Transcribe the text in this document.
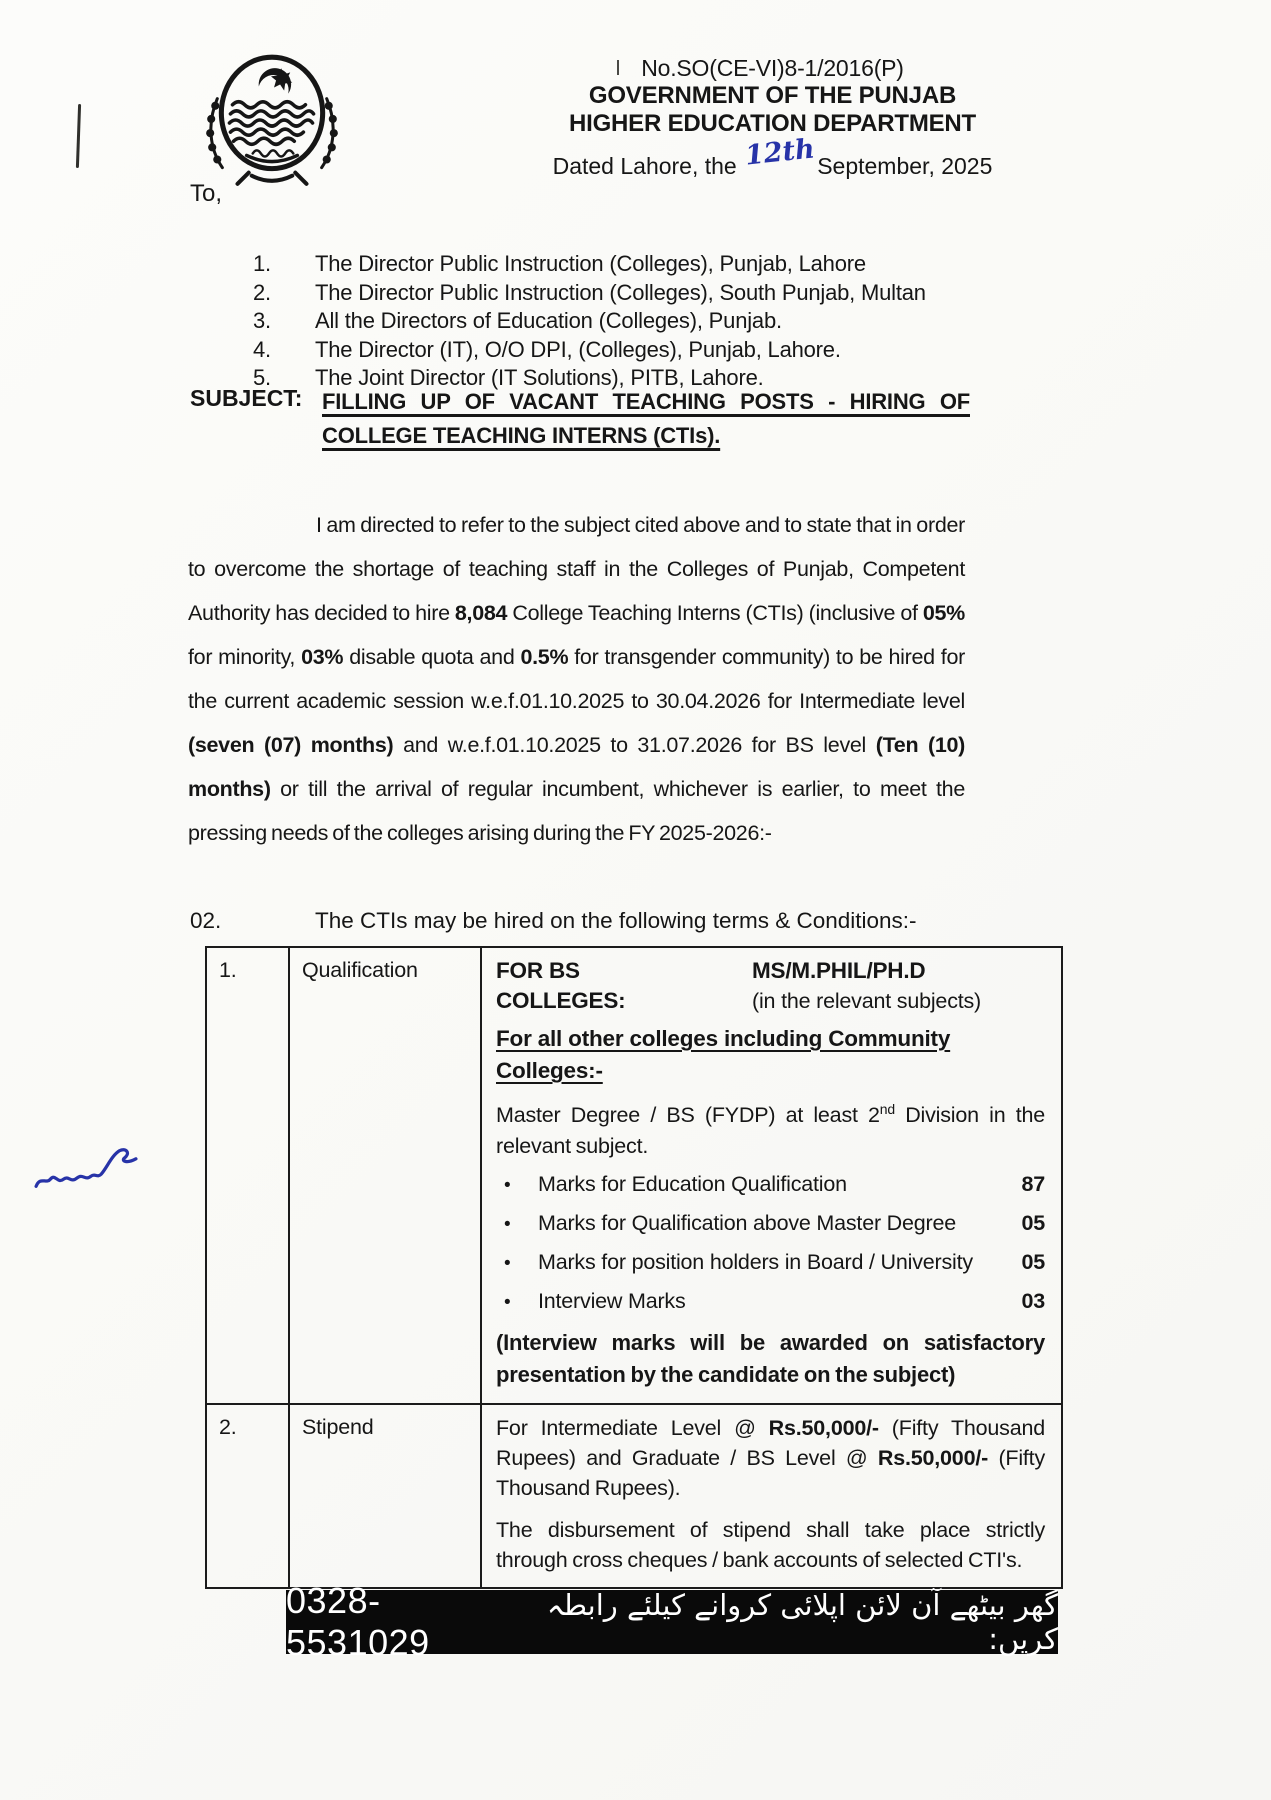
No.SO(CE-VI)8-1/2016(P)
GOVERNMENT OF THE PUNJAB
HIGHER EDUCATION DEPARTMENT
Dated Lahore, the 12th September, 2025
To,
1.	The Director Public Instruction (Colleges), Punjab, Lahore
2.	The Director Public Instruction (Colleges), South Punjab, Multan
3.	All the Directors of Education (Colleges), Punjab.
4.	The Director (IT), O/O DPI, (Colleges), Punjab, Lahore.
5.	The Joint Director (IT Solutions), PITB, Lahore.
SUBJECT: FILLING UP OF VACANT TEACHING POSTS - HIRING OF COLLEGE TEACHING INTERNS (CTIs).
I am directed to refer to the subject cited above and to state that in order to overcome the shortage of teaching staff in the Colleges of Punjab, Competent Authority has decided to hire 8,084 College Teaching Interns (CTIs) (inclusive of 05% for minority, 03% disable quota and 0.5% for transgender community) to be hired for the current academic session w.e.f.01.10.2025 to 30.04.2026 for Intermediate level (seven (07) months) and w.e.f.01.10.2025 to 31.07.2026 for BS level (Ten (10) months) or till the arrival of regular incumbent, whichever is earlier, to meet the pressing needs of the colleges arising during the FY 2025-2026:-
02.	The CTIs may be hired on the following terms & Conditions:-
1.	Qualification	FOR BS COLLEGES:
MS/M.PHIL/PH.D
(in the relevant subjects)
For all other colleges including Community Colleges:-
Master Degree / BS (FYDP) at least 2nd Division in the relevant subject.
•	Marks for Education Qualification	87
•	Marks for Qualification above Master Degree	05
•	Marks for position holders in Board / University	05
•	Interview Marks	03
(Interview marks will be awarded on satisfactory presentation by the candidate on the subject)

2.	Stipend	For Intermediate Level @ Rs.50,000/- (Fifty Thousand Rupees) and Graduate / BS Level @ Rs.50,000/- (Fifty Thousand Rupees).
The disbursement of stipend shall take place strictly through cross cheques / bank accounts of selected CTI's.
گھر بیٹھے آن لائن اپلائی کروانے کیلئے رابطہ کریں:
0328-5531029
